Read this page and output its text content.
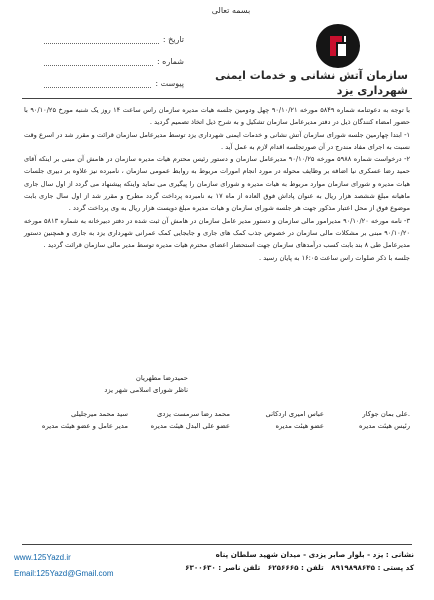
بسمه تعالی
سازمان آتش نشانی و خدمات ایمنی
شهرداری یزد
تاریخ :
شماره :
پیوست :

با توجه به دعوتنامه شماره ۵۸۴۹ مورخه ۹۰/۱۰/۲۱ چهل ودومین جلسه هیات مدیره سازمان راس ساعت ۱۴ روز یک شنبه مورخ ۹۰/۱۰/۲۵ با حضور امضاء کنندگان ذیل در دفتر مدیرعامل سازمان تشکیل و به شرح ذیل اتخاذ تصمیم گردید .

۱- ابتدا چهارمین جلسه شورای سازمان آتش نشانی و خدمات ایمنی شهرداری یزد توسط مدیرعامل سازمان قرائت و مقرر شد در اسرع وقت نسبت به اجرای مفاد مندرج در آن صورتجلسه اقدام لازم به عمل آید .

۲- درخواست شماره ۵۹۸۸ مورخه ۹۰/۱۰/۲۵ مدیرعامل سازمان و دستور رئیس محترم هیات مدیره سازمان در هامش آن مبنی بر اینکه آقای حمید رضا عسکری نیا اضافه بر وظایف محوله در مورد انجام امورات مربوط به روابط عمومی سازمان ، نامبرده نیز علاوه بر دبیری جلسات هیات مدیره و شورای سازمان موارد مربوط به هیات مدیره و شورای سازمان را پیگیری می نماید واینکه پیشنهاد می گردد از اول سال جاری ماهیانه مبلغ ششصد هزار ریال به عنوان پاداش فوق العاده از ماه ۱۷ به نامبرده پرداخت گردد مطرح و مقرر شد از اول سال جاری بابت موضوع فوق از محل اعتبار مذکور جهت هر جلسه شورای سازمان و هیات مدیره مبلغ دویست هزار ریال به وی پرداخت گردد .

۳- نامه مورخه ۹۰/۱۰/۲۰ مدیرامور مالی سازمان و دستور مدیر عامل سازمان در هامش آن ثبت شده در دفتر دبیرخانه به شماره ۵۸۱۳ مورخه ۹۰/۱۰/۲۰ مبنی بر مشکلات مالی سازمان در خصوص جذب کمک های جاری و جابجایی کمک عمرانی شهرداری یزد به جاری و همچنین دستور مدیرعامل طی ۸ بند بابت کسب درآمدهای سازمان جهت استحضار اعضای محترم هیات مدیره توسط مدیر مالی سازمان قرائت گردید .

جلسه با ذکر صلوات راس ساعت ۱۶:۰۵ به پایان رسید .

حمیدرضا مطهریان
ناظر شورای اسلامی شهر یزد
.علی بمان جوکار
رئیس هیئت مدیره
عباس امیری اردکانی
عضو هیئت مدیره
محمد رضا سرمست یزدی
عضو علی البدل هیئت مدیره
سید محمد میرجلیلی
مدیر عامل و عضو هیئت مدیره
نشانی : یزد - بلوار صابر یزدی - میدان شهید سلطان پناه
کد پستی : ۸۹۱۹۸۹۸۶۴۵   تلفن : ۶۲۵۶۶۶۵   تلفن ناصر : ۶۳۰۰۶۳۰
www.125Yazd.ir
Email:125Yazd@Gmail.com
